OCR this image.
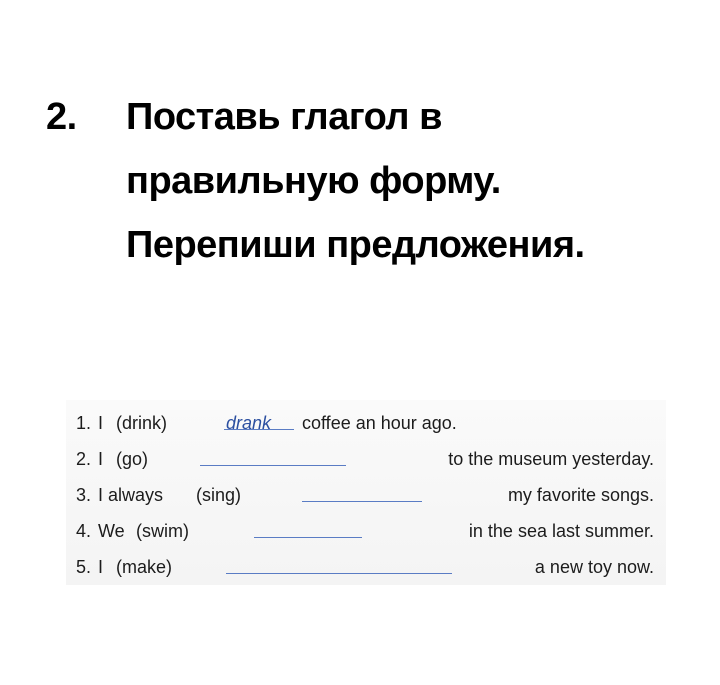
2.	Поставь глагол в
правильную форму.
Перепиши предложения.
1. I (drink)	drank coffee an hour ago.
2. I (go)	to the museum yesterday.
3. I always (sing)	my favorite songs.
4. We (swim)	in the sea last summer.
5. I (make)	a new toy now.
